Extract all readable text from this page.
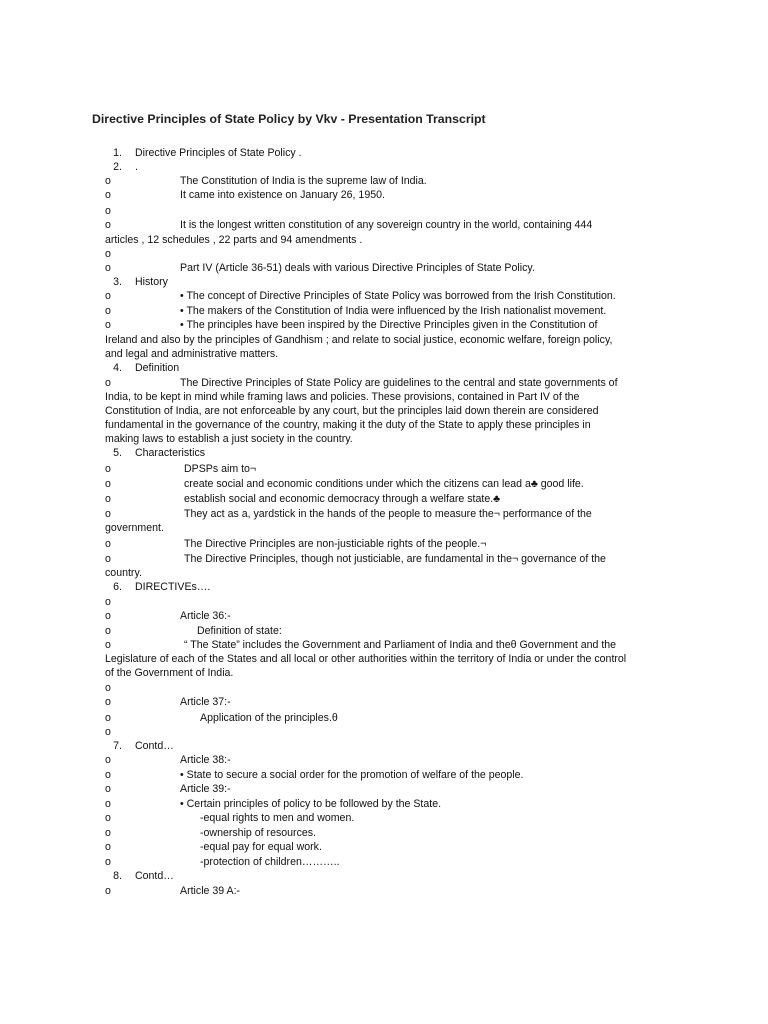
Directive Principles of State Policy by Vkv - Presentation Transcript
1. Directive Principles of State Policy .
2. .
o	The Constitution of India is the supreme law of India.
o	It came into existence on January 26, 1950.
o
o	It is the longest written constitution of any sovereign country in the world, containing 444
articles , 12 schedules , 22 parts and 94 amendments .
o
o	Part IV (Article 36-51) deals with various Directive Principles of State Policy.
3. History
o	• The concept of Directive Principles of State Policy was borrowed from the Irish Constitution.
o	• The makers of the Constitution of India were influenced by the Irish nationalist movement.
o	• The principles have been inspired by the Directive Principles given in the Constitution of
Ireland and also by the principles of Gandhism ; and relate to social justice, economic welfare, foreign policy,
and legal and administrative matters.
4. Definition
o	The Directive Principles of State Policy are guidelines to the central and state governments of
India, to be kept in mind while framing laws and policies. These provisions, contained in Part IV of the
Constitution of India, are not enforceable by any court, but the principles laid down therein are considered
fundamental in the governance of the country, making it the duty of the State to apply these principles in
making laws to establish a just society in the country.
5. Characteristics
o	DPSPs aim to¬
o	create social and economic conditions under which the citizens can lead a♣ good life.
o	establish social and economic democracy through a welfare state.♣
o	They act as a, yardstick in the hands of the people to measure the¬ performance of the
government.
o	The Directive Principles are non-justiciable rights of the people.¬
o	The Directive Principles, though not justiciable, are fundamental in the¬ governance of the
country.
6. DIRECTIVEs….
o
o	Article 36:-
o	Definition of state:
o	“ The State” includes the Government and Parliament of India and theθ Government and the
Legislature of each of the States and all local or other authorities within the territory of India or under the control
of the Government of India.
o
o	Article 37:-
o	Application of the principles.θ
o
7. Contd…
o	Article 38:-
o	• State to secure a social order for the promotion of welfare of the people.
o	Article 39:-
o	• Certain principles of policy to be followed by the State.
o	-equal rights to men and women.
o	-ownership of resources.
o	-equal pay for equal work.
o	-protection of children………..
8. Contd…
o	Article 39 A:-
